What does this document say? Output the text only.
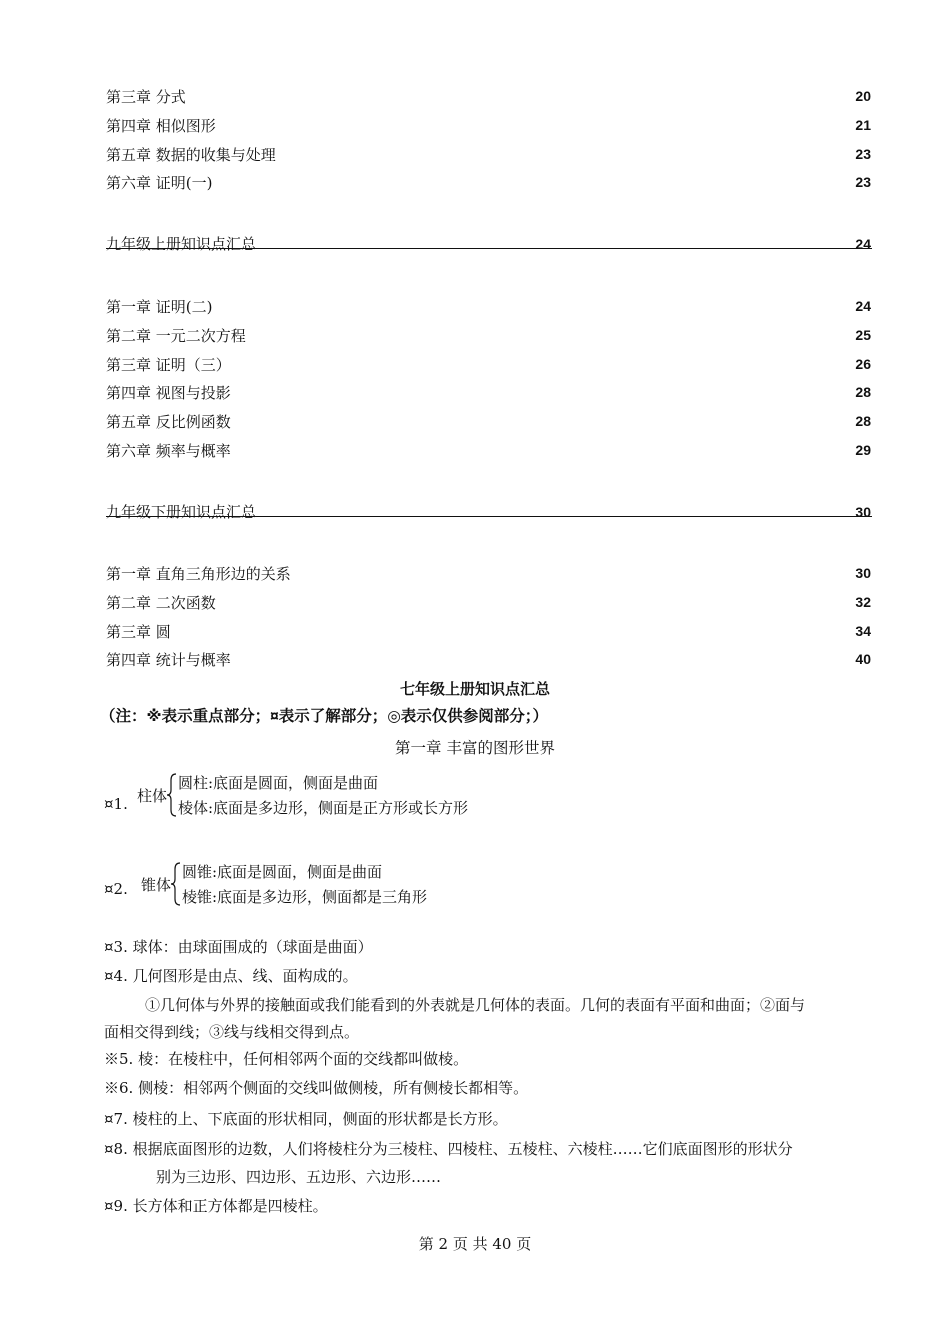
第三章 分式	20
第四章 相似图形	21
第五章 数据的收集与处理	23
第六章 证明(一)	23
九年级上册知识点汇总	24
第一章 证明(二)	24
第二章 一元二次方程	25
第三章 证明（三）	26
第四章 视图与投影	28
第五章 反比例函数	28
第六章 频率与概率	29
九年级下册知识点汇总	30
第一章 直角三角形边的关系	30
第二章 二次函数	32
第三章 圆	34
第四章 统计与概率	40
七年级上册知识点汇总
（注：※表示重点部分；¤表示了解部分；◎表示仅供参阅部分；）
第一章 丰富的图形世界
¤1. 柱体
圆柱:底面是圆面，侧面是曲面
棱体:底面是多边形，侧面是正方形或长方形
¤2. 锥体
圆锥:底面是圆面，侧面是曲面
棱锥:底面是多边形，侧面都是三角形
¤3. 球体：由球面围成的（球面是曲面）
¤4. 几何图形是由点、线、面构成的。
①几何体与外界的接触面或我们能看到的外表就是几何体的表面。几何的表面有平面和曲面；②面与
面相交得到线；③线与线相交得到点。
※5. 棱：在棱柱中，任何相邻两个面的交线都叫做棱。
※6. 侧棱：相邻两个侧面的交线叫做侧棱，所有侧棱长都相等。
¤7. 棱柱的上、下底面的形状相同，侧面的形状都是长方形。
¤8. 根据底面图形的边数，人们将棱柱分为三棱柱、四棱柱、五棱柱、六棱柱……它们底面图形的形状分
别为三边形、四边形、五边形、六边形……
¤9. 长方体和正方体都是四棱柱。
第 2 页 共 40 页
